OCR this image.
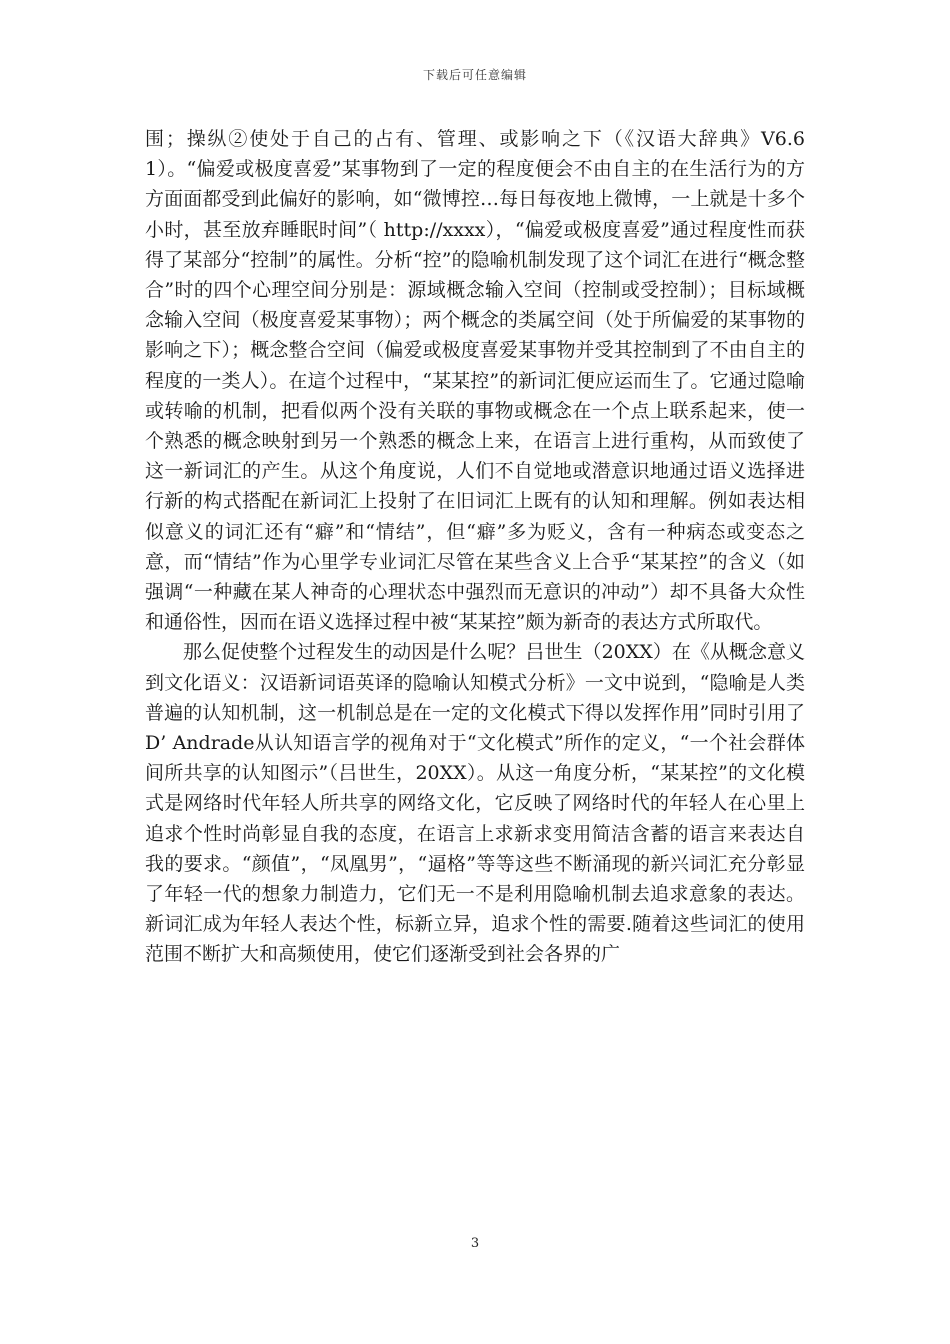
下载后可任意编辑

围；操纵②使处于自己的占有、管理、或影响之下（《汉语大辞典》V6.61）。“偏爱或极度喜爱”某事物到了一定的程度便会不由自主的在生活行为的方方面面都受到此偏好的影响，如“微博控…每日每夜地上微博，一上就是十多个小时，甚至放弃睡眠时间”（ http://xxxx），“偏爱或极度喜爱”通过程度性而获得了某部分“控制”的属性。分析“控”的隐喻机制发现了这个词汇在进行“概念整合”时的四个心理空间分别是：源域概念输入空间（控制或受控制）；目标域概念输入空间（极度喜爱某事物）；两个概念的类属空间（处于所偏爱的某事物的影响之下）；概念整合空间（偏爱或极度喜爱某事物并受其控制到了不由自主的程度的一类人）。在這个过程中，“某某控”的新词汇便应运而生了。它通过隐喻或转喻的机制，把看似两个没有关联的事物或概念在一个点上联系起来，使一个熟悉的概念映射到另一个熟悉的概念上来，在语言上进行重构，从而致使了这一新词汇的产生。从这个角度说，人们不自觉地或潜意识地通过语义选择进行新的构式搭配在新词汇上投射了在旧词汇上既有的认知和理解。例如表达相似意义的词汇还有“癖”和“情结”，但“癖”多为贬义，含有一种病态或变态之意，而“情结”作为心里学专业词汇尽管在某些含义上合乎“某某控”的含义（如强调“一种藏在某人神奇的心理状态中强烈而无意识的冲动”）却不具备大众性和通俗性，因而在语义选择过程中被“某某控”颇为新奇的表达方式所取代。

那么促使整个过程发生的动因是什么呢？吕世生（20XX）在《从概念意义到文化语义：汉语新词语英译的隐喻认知模式分析》一文中说到，“隐喻是人类普遍的认知机制，这一机制总是在一定的文化模式下得以发挥作用”同时引用了D’ Andrade从认知语言学的视角对于“文化模式”所作的定义，“一个社会群体间所共享的认知图示”（吕世生，20XX）。从这一角度分析，“某某控”的文化模式是网络时代年轻人所共享的网络文化，它反映了网络时代的年轻人在心里上追求个性时尚彰显自我的态度，在语言上求新求变用简洁含蓄的语言来表达自我的要求。“颜值”，“凤凰男”，“逼格”等等这些不断涌现的新兴词汇充分彰显了年轻一代的想象力制造力，它们无一不是利用隐喻机制去追求意象的表达。新词汇成为年轻人表达个性，标新立异，追求个性的需要.随着这些词汇的使用范围不断扩大和高频使用，使它们逐渐受到社会各界的广

3
